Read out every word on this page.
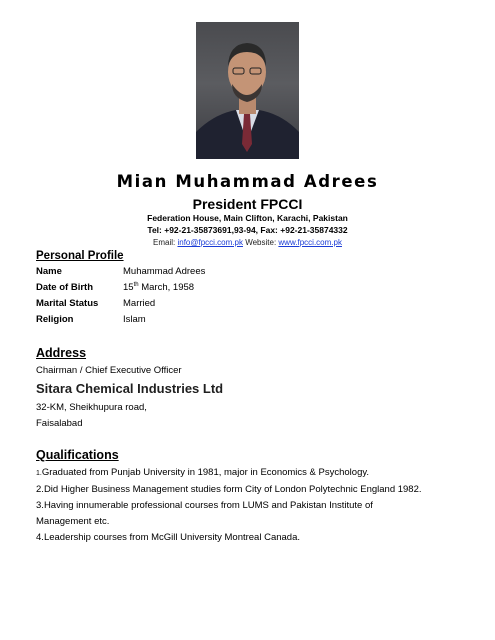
Mian Muhammad Adrees
President FPCCI
Federation House, Main Clifton, Karachi, Pakistan
Tel: +92-21-35873691,93-94, Fax: +92-21-35874332
Email: info@fpcci.com.pk Website: www.fpcci.com.pk
Personal Profile
Name	Muhammad Adrees
Date of Birth	15th March, 1958
Marital Status	Married
Religion	Islam
Address
Chairman / Chief Executive Officer
Sitara Chemical Industries Ltd
32-KM, Sheikhupura road,
Faisalabad
Qualifications
1.Graduated from Punjab University in 1981, major in Economics & Psychology.
2.Did Higher Business Management studies form City of London Polytechnic England 1982.
3.Having innumerable professional courses from LUMS and Pakistan Institute of
Management etc.
4.Leadership courses from McGill University Montreal Canada.
